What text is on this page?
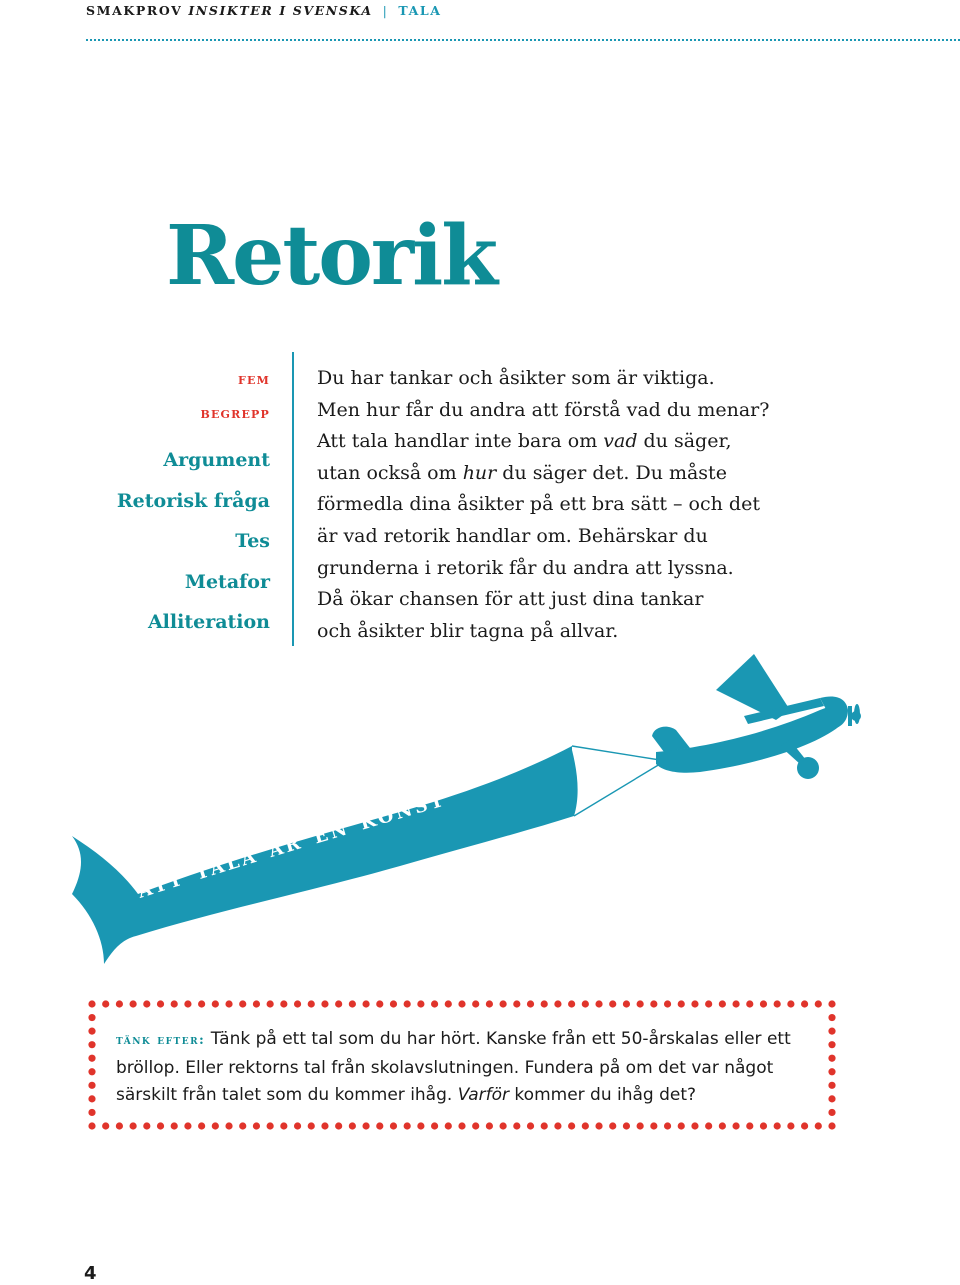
SMAKPROV INSIKTER I SVENSKA | TALA
Retorik
fem
begrepp
Argument
Retorisk fråga
Tes
Metafor
Alliteration
Du har tankar och åsikter som är viktiga.
Men hur får du andra att förstå vad du menar?
Att tala handlar inte bara om vad du säger,
utan också om hur du säger det. Du måste
förmedla dina åsikter på ett bra sätt – och det
är vad retorik handlar om. Behärskar du
grunderna i retorik får du andra att lyssna.
Då ökar chansen för att just dina tankar
och åsikter blir tagna på allvar.
att tala är en konst
tänk efter: Tänk på ett tal som du har hört. Kanske från ett 50-årskalas eller ett bröllop. Eller rektorns tal från skolavslutningen. Fundera på om det var något särskilt från talet som du kommer ihåg. Varför kommer du ihåg det?
4
